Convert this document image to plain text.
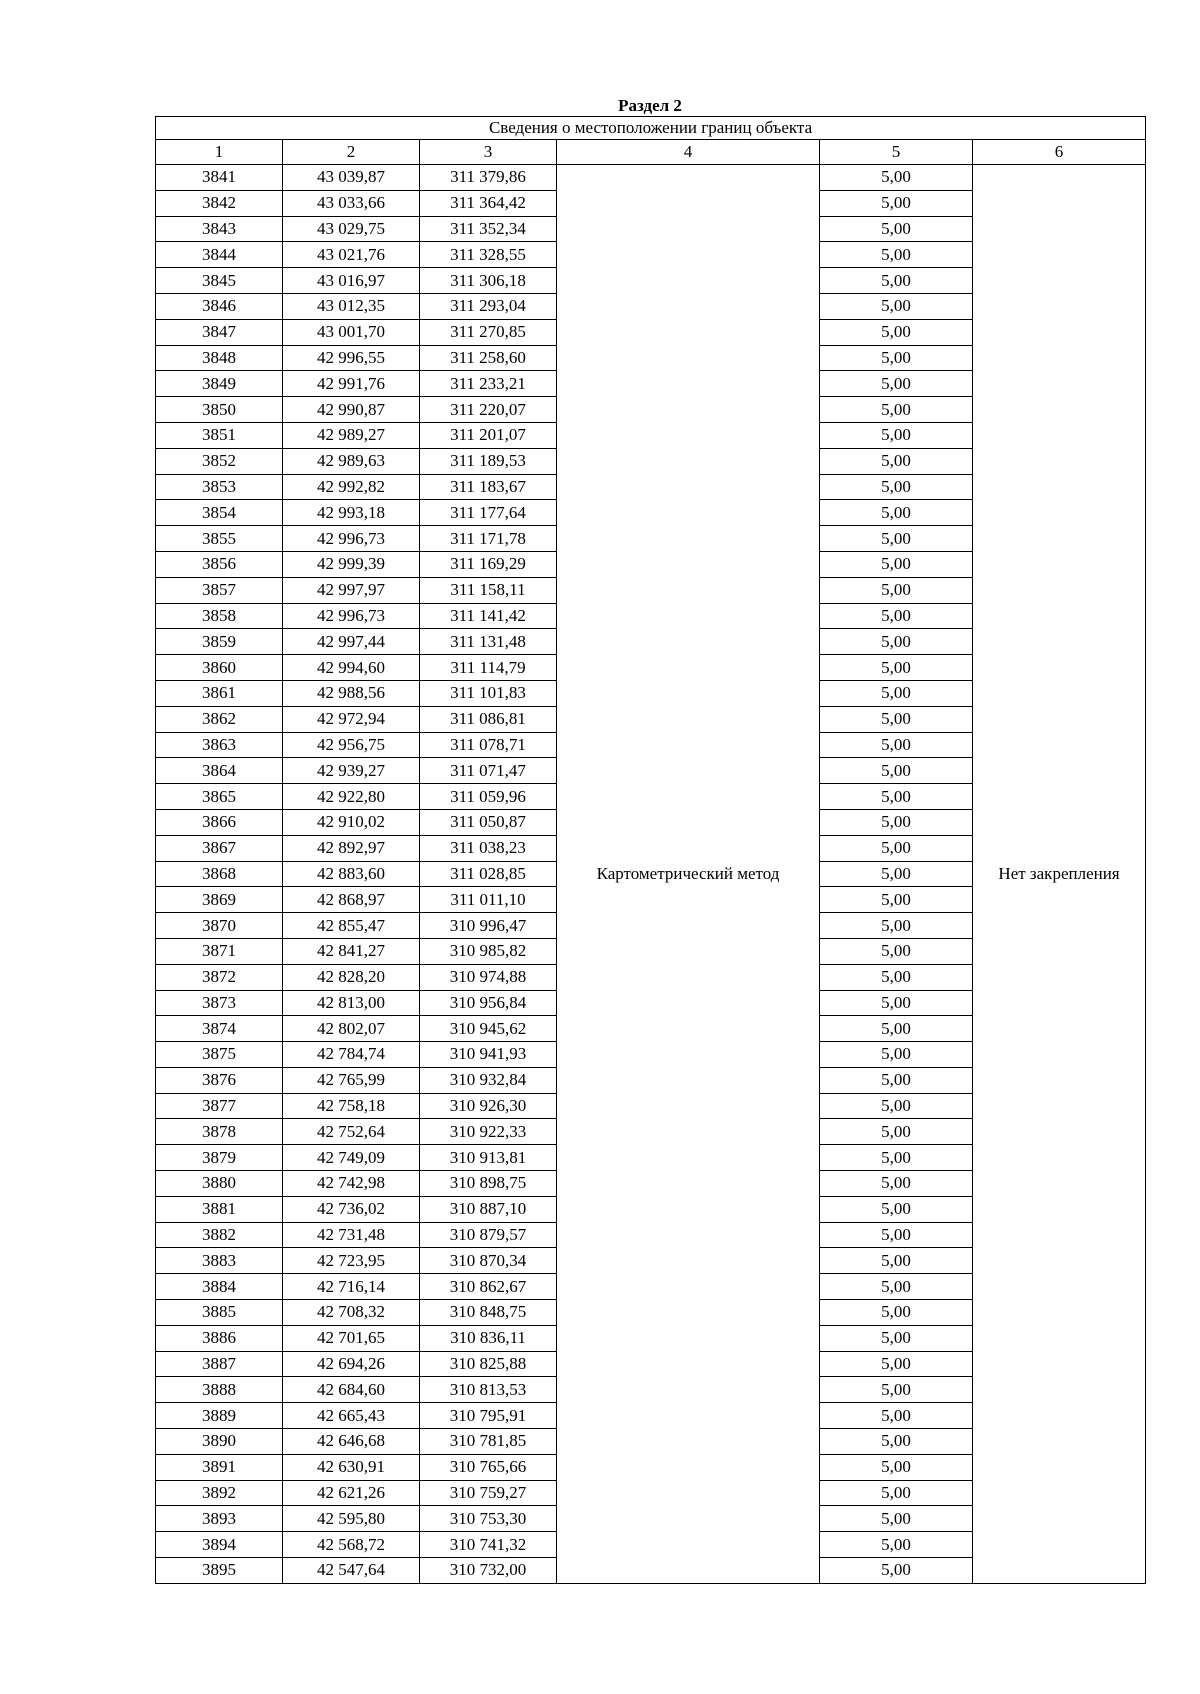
Раздел 2
Сведения о местоположении границ объекта					
1	2	3	4	5	6
3841	43 039,87	311 379,86	Картометрический метод	5,00	Нет закрепления
3842	43 033,66	311 364,42		5,00	
3843	43 029,75	311 352,34		5,00	
3844	43 021,76	311 328,55		5,00	
3845	43 016,97	311 306,18		5,00	
3846	43 012,35	311 293,04		5,00	
3847	43 001,70	311 270,85		5,00	
3848	42 996,55	311 258,60		5,00	
3849	42 991,76	311 233,21		5,00	
3850	42 990,87	311 220,07		5,00	
3851	42 989,27	311 201,07		5,00	
3852	42 989,63	311 189,53		5,00	
3853	42 992,82	311 183,67		5,00	
3854	42 993,18	311 177,64		5,00	
3855	42 996,73	311 171,78		5,00	
3856	42 999,39	311 169,29		5,00	
3857	42 997,97	311 158,11		5,00	
3858	42 996,73	311 141,42		5,00	
3859	42 997,44	311 131,48		5,00	
3860	42 994,60	311 114,79		5,00	
3861	42 988,56	311 101,83		5,00	
3862	42 972,94	311 086,81		5,00	
3863	42 956,75	311 078,71		5,00	
3864	42 939,27	311 071,47		5,00	
3865	42 922,80	311 059,96		5,00	
3866	42 910,02	311 050,87		5,00	
3867	42 892,97	311 038,23		5,00	
3868	42 883,60	311 028,85		5,00	
3869	42 868,97	311 011,10		5,00	
3870	42 855,47	310 996,47		5,00	
3871	42 841,27	310 985,82		5,00	
3872	42 828,20	310 974,88		5,00	
3873	42 813,00	310 956,84		5,00	
3874	42 802,07	310 945,62		5,00	
3875	42 784,74	310 941,93		5,00	
3876	42 765,99	310 932,84		5,00	
3877	42 758,18	310 926,30		5,00	
3878	42 752,64	310 922,33		5,00	
3879	42 749,09	310 913,81		5,00	
3880	42 742,98	310 898,75		5,00	
3881	42 736,02	310 887,10		5,00	
3882	42 731,48	310 879,57		5,00	
3883	42 723,95	310 870,34		5,00	
3884	42 716,14	310 862,67		5,00	
3885	42 708,32	310 848,75		5,00	
3886	42 701,65	310 836,11		5,00	
3887	42 694,26	310 825,88		5,00	
3888	42 684,60	310 813,53		5,00	
3889	42 665,43	310 795,91		5,00	
3890	42 646,68	310 781,85		5,00	
3891	42 630,91	310 765,66		5,00	
3892	42 621,26	310 759,27		5,00	
3893	42 595,80	310 753,30		5,00	
3894	42 568,72	310 741,32		5,00	
3895	42 547,64	310 732,00		5,00	
